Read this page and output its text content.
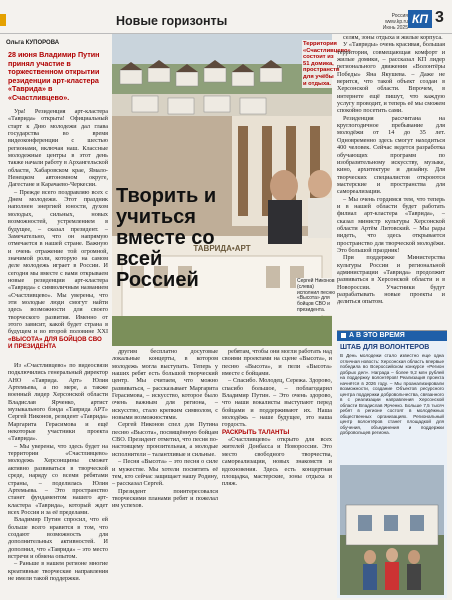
Новые горизонты	Россия
www.kp.ru
Июнь 2025
КП 3
Ольга КУПОРОВА
28 июня Владимир Путин принял участие в торжественном открытии резиденции арт-кластера «Таврида» в «Счастливцево».

Ура! Резиденция арт-кластера «Таврида» открыта! Официальный старт к Дню молодежи дал глава государства во время видеоконференции с шестью регионами, включая наш. Классные молодежные центры в этот день также начали работу в Архангельской области, Хабаровском крае, Ямало-Ненецком автономном округе, Дагестане и Карачаево-Черкесии.

– Прежде всего поздравляю всех с Днем молодежи. Этот праздник наполнен энергией юности, духом молодых, сильных, новых возможностей, устремлением в будущее, – сказал президент. – Замечательно, что он напрямую отмечается в нашей стране. Важную и очень отражение той огромной, значимой роли, которую на самом деле молодежь играет в России. И сегодня мы вместе с вами открываем новые резиденции арт-кластера «Таврида» с символичным названием «Счастливцево». Мы уверены, что эти молодые люди смогут найти здесь возможности для своего творческого развития. Именно от этого зависит, какой будет страна в будущем и во второй половине XXI

«ВЫСОТА» ДЛЯ БОЙЦОВ СВО И ПРЕЗИДЕНТА

Из «Счастливцево» по видеосвязи подключились генеральный директор АНО «Таврида. Арт» Юлия Артемьева, а по мере, а также военный лидер Херсонской области Владислав Ярченко, артист музыкального бэнда «Таврида АРТ» Сергей Никонов, резидент «Таврида» Маргарита Герасимова и ещё некоторые участники проекта «Таврида».

– Мы уверены, что здесь будет на территории «Счастливцево» молодежь Херсонщины сможет активно развиваться в творческой среде, наряду со всеми ребятами страны, – поделилась Юлия Артемьева. – Это пространство станет фундаментом нашего арт-кластера «Таврида», который ждет всех Россия и за её пределами.

Владимир Путин спросил, что ей больше всего нравится в том, что создают возможность для дополнительных активностей. И дополнил, что «Таврида» – это место встречи и обмена опытом.

– Раньше в нашем регионе многие креативные творческие направления не имели такой поддержки.

Территория «Счастливцево» состоит из 51 домика, пространств для учёбы и отдыха.
ТАВРИДА•АРТ
Творить и учиться вместе со всей Россией	Сергей Никонов (слева) исполнил песню «Высота» для бойцов СВО и президента.

другим бесплатно досуговые локальные концерты, в котором молодежь могла выступать. Теперь у наших ребят есть большой творческий центр. Мы считаем, что можно развиваться, – рассказывает Маргарита Герасимова, – искусство, которое было очень важным для региона, – искусство, стало крепким символом, с новыми возможностями.

Сергей Никонов спел для Путина песню «Высота», посвящённую бойцам СВО. Президент отметил, что песня по-настоящему пронзительная, а молодые исполнители – талантливые и сильные.

– Песня «Высота» – это песня о силе и мужестве. Мы хотели посвятить её тем, кто сейчас защищает нашу Родину, – рассказал Сергей.

Президент поинтересовался творческими планами ребят и пожелал им успехов.

ребятам, чтобы они могли работать над своими проектами на сцене «Высота», и песню «Высота», и пели «Высота» вместе с бойцами.

– Спасибо. Молодец, Сережа. Здорово, спасибо большое, – поблагодарил Владимир Путин. – Это очень здорово, что наши вокалисты выступают перед бойцами и поддерживают их. Наша молодёжь – наше будущее, это наша гордость.

РАСКРЫТЬ ТАЛАНТЫ

«Счастливцево» открыто для всех жителей Донбасса и Новороссии. Это место свободного творчества, самореализации, новых знакомств и вдохновения. Здесь есть концертная площадка, мастерские, зоны отдыха и пляж.

селям, зоны отдыха и жилые корпуса.

У «Тавриды» очень красивая, большая территория, совмещающая комфорт и жилые домики, – рассказал КП лидер регионального движения «Волонтёры Победы» Яна Якушева. – Даже не верится, что такой объект создан в Херсонской области. Впрочем, в интернете ещё пишут, что каждую услугу проводит, и теперь её мы сможем спокойно посетить сами.

Резиденция рассчитана на круглогодичное пребывание для молодёжи от 14 до 35 лет. Одновременно здесь смогут находиться 400 человек. Сейчас ведется разработка обучающих программ по изобразительному искусству, музыке, кино, архитектуре и дизайну. Для творческих специалистов откроются мастерские и пространства для самореализации.

– Мы очень гордимся тем, что теперь и в нашей области будет работать филиал арт-кластера «Таврида», – сказал министр культуры Херсонской области Артём Литовский. – Мы рады видеть, что здесь открывается пространство для творческой молодёжи. Это большой праздник!

При поддержке Министерства культуры России и региональной администрации «Таврида» продолжит развиваться в Херсонской области и в Новороссии. Участники будут разрабатывать новые проекты и делиться опытом.

А В ЭТО ВРЕМЯ
ШТАБ ДЛЯ ВОЛОНТЕРОВ
В День молодежи стало известно еще одна отличная новость: Херсонская область впервые победила во Всероссийском конкурсе «Регион добрых дел». Награда – более 9,2 млн рублей на поддержку волонтёров! Реализация проекта начнётся в 2026 году. – Мы проанализировали возможности, создание Объектов ресурсного центра поддержки добровольчества, связанного в с реализации направления Херсонской области Владислав Ярченко. Больше 7,5 тысяч ребят в регионе состоят в молодёжных общественных организациях. Региональный центр волонтёров станет площадкой для обучения, объединения и поддержки добровольцев региона.
